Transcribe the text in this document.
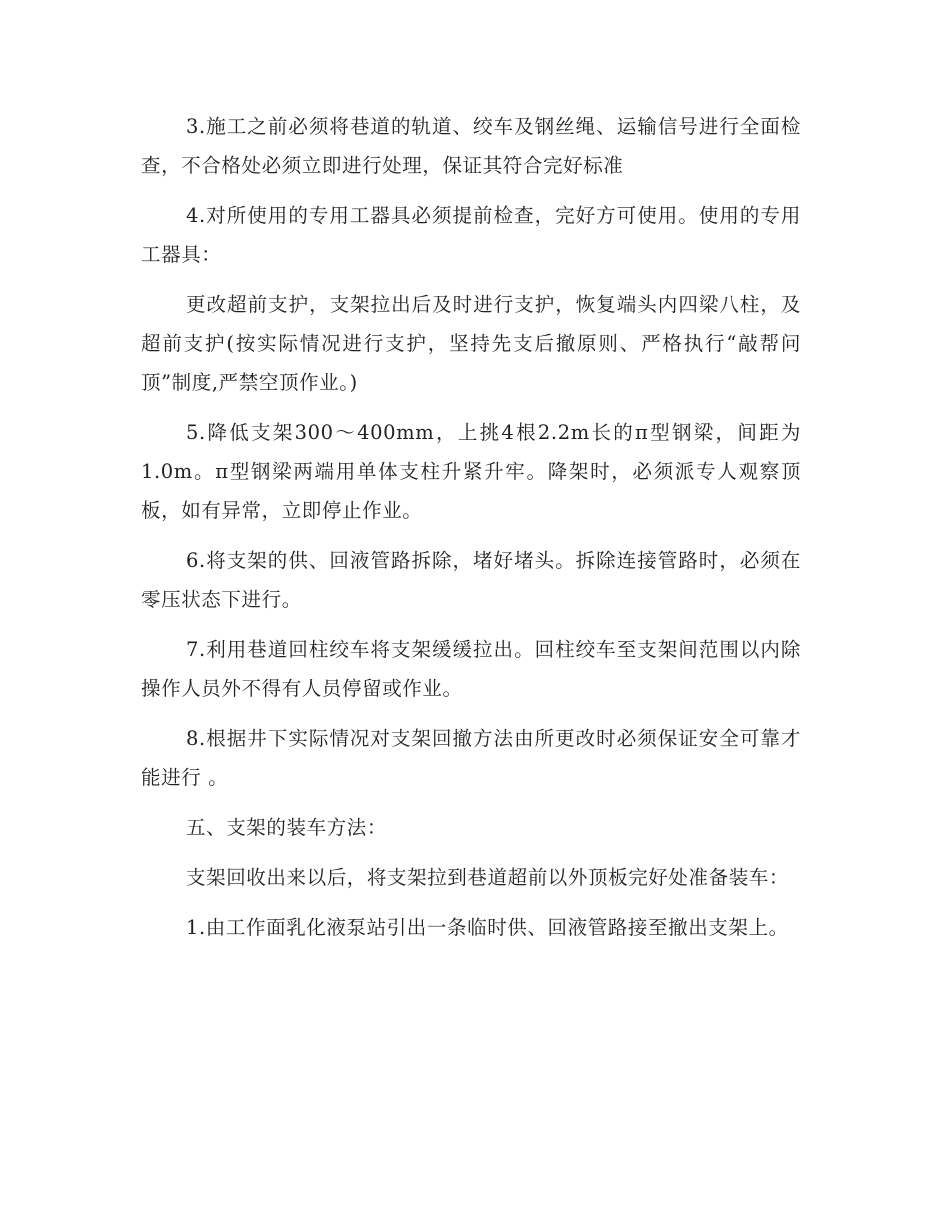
3.施工之前必须将巷道的轨道、绞车及钢丝绳、运输信号进行全面检查，不合格处必须立即进行处理，保证其符合完好标准

4.对所使用的专用工器具必须提前检查，完好方可使用。使用的专用工器具：

更改超前支护，支架拉出后及时进行支护，恢复端头内四梁八柱，及超前支护(按实际情况进行支护，坚持先支后撤原则、严格执行“敲帮问顶”制度,严禁空顶作业。)

5.降低支架300～400mm，上挑4根2.2m长的π型钢梁，间距为1.0m。π型钢梁两端用单体支柱升紧升牢。降架时，必须派专人观察顶板，如有异常，立即停止作业。

6.将支架的供、回液管路拆除，堵好堵头。拆除连接管路时，必须在零压状态下进行。

7.利用巷道回柱绞车将支架缓缓拉出。回柱绞车至支架间范围以内除操作人员外不得有人员停留或作业。

8.根据井下实际情况对支架回撤方法由所更改时必须保证安全可靠才能进行 。

五、支架的装车方法：

支架回收出来以后，将支架拉到巷道超前以外顶板完好处准备装车：

1.由工作面乳化液泵站引出一条临时供、回液管路接至撤出支架上。
